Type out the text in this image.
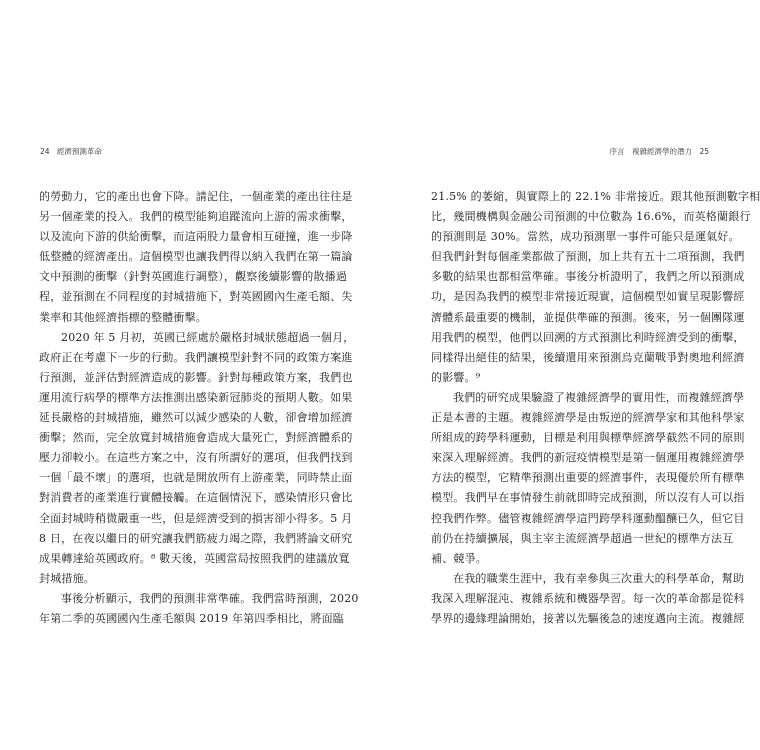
24 經濟預測革命	序言　複雜經濟學的潛力 25

的勞動力，它的產出也會下降。請記住，一個產業的產出往往是
另一個產業的投入。我們的模型能夠追蹤流向上游的需求衝擊，
以及流向下游的供給衝擊，而這兩股力量會相互碰撞，進一步降
低整體的經濟產出。這個模型也讓我們得以納入我們在第一篇論
文中預測的衝擊（針對英國進行調整），觀察後續影響的散播過
程，並預測在不同程度的封城措施下，對英國國內生產毛額、失
業率和其他經濟指標的整體衝擊。

2020 年 5 月初，英國已經處於嚴格封城狀態超過一個月，
政府正在考慮下一步的行動。我們讓模型針對不同的政策方案進
行預測，並評估對經濟造成的影響。針對每種政策方案，我們也
運用流行病學的標準方法推測出感染新冠肺炎的預期人數。如果
延長嚴格的封城措施，雖然可以減少感染的人數，卻會增加經濟
衝擊；然而，完全放寬封城措施會造成大量死亡，對經濟體系的
壓力卻較小。在這些方案之中，沒有所謂好的選項，但我們找到
一個「最不壞」的選項，也就是開放所有上游產業，同時禁止面
對消費者的產業進行實體接觸。在這個情況下，感染情形只會比
全面封城時稍微嚴重一些，但是經濟受到的損害卻小得多。5 月
8 日，在夜以繼日的研究讓我們筋疲力竭之際，我們將論文研究
成果轉達給英國政府。⁸ 數天後，英國當局按照我們的建議放寬
封城措施。

事後分析顯示，我們的預測非常準確。我們當時預測，2020
年第二季的英國國內生產毛額與 2019 年第四季相比，將面臨

21.5% 的萎縮，與實際上的 22.1% 非常接近。跟其他預測數字相
比，幾間機構與金融公司預測的中位數為 16.6%，而英格蘭銀行
的預測則是 30%。當然，成功預測單一事件可能只是運氣好。
但我們針對每個產業都做了預測，加上共有五十二項預測，我們
多數的結果也都相當準確。事後分析證明了，我們之所以預測成
功，是因為我們的模型非常接近現實，這個模型如實呈現影響經
濟體系最重要的機制，並提供準確的預測。後來，另一個團隊運
用我們的模型，他們以回溯的方式預測比利時經濟受到的衝擊，
同樣得出絕佳的結果，後續還用來預測烏克蘭戰爭對奧地利經濟
的影響。⁹

我們的研究成果驗證了複雜經濟學的實用性，而複雜經濟學
正是本書的主題。複雜經濟學是由叛逆的經濟學家和其他科學家
所組成的跨學科運動，目標是利用與標準經濟學截然不同的原則
來深入理解經濟。我們的新冠疫情模型是第一個運用複雜經濟學
方法的模型，它精準預測出重要的經濟事件，表現優於所有標準
模型。我們早在事情發生前就即時完成預測，所以沒有人可以指
控我們作弊。儘管複雜經濟學這門跨學科運動醞釀已久，但它目
前仍在持續擴展，與主宰主流經濟學超過一世紀的標準方法互
補、競爭。

在我的職業生涯中，我有幸參與三次重大的科學革命，幫助
我深入理解混沌、複雜系統和機器學習。每一次的革命都是從科
學界的邊緣理論開始，接著以先驅後急的速度邁向主流。複雜經
